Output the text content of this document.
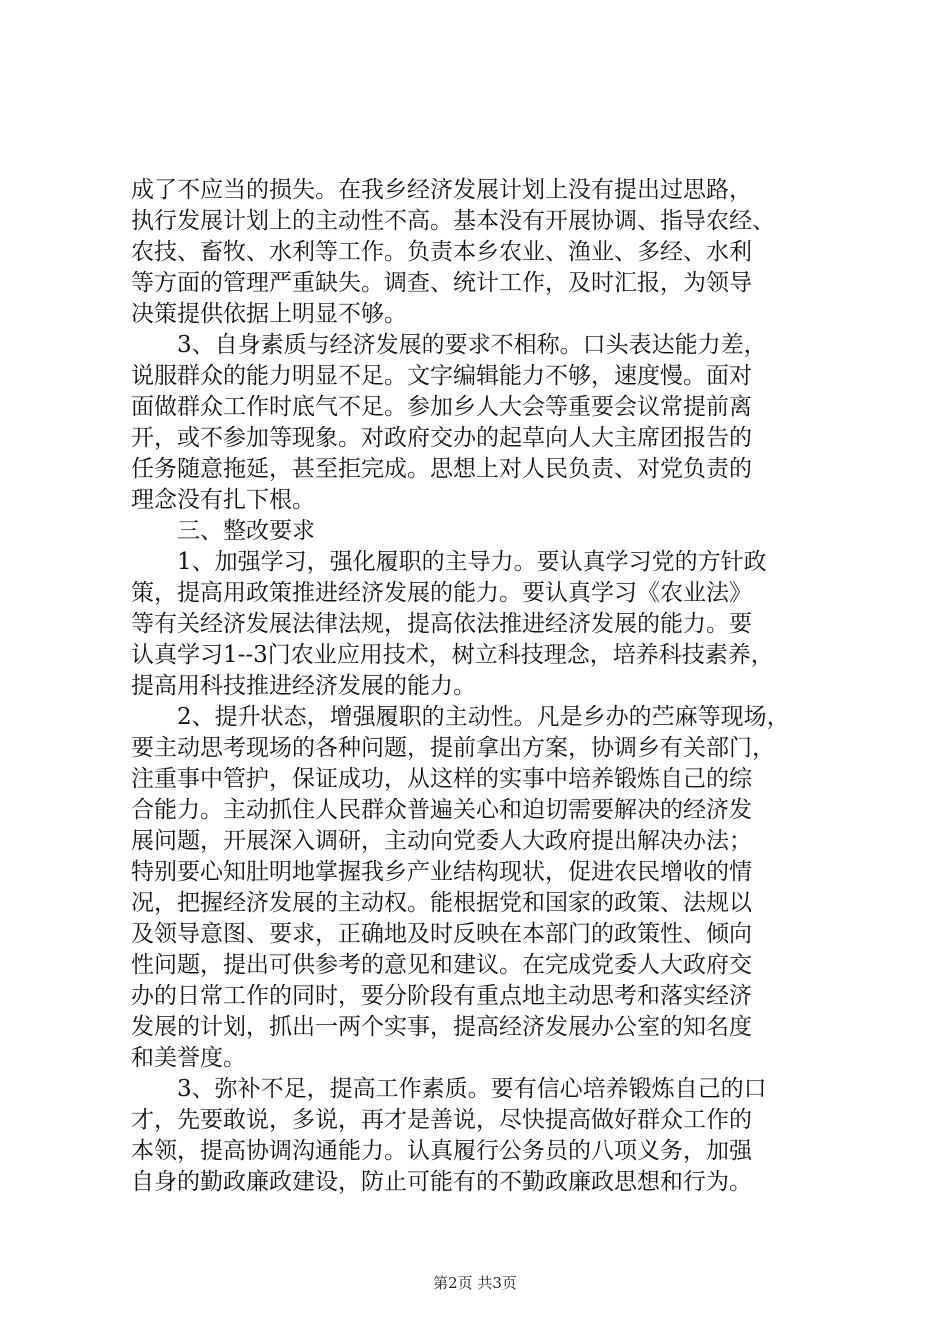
成了不应当的损失。在我乡经济发展计划上没有提出过思路，
执行发展计划上的主动性不高。基本没有开展协调、指导农经、
农技、畜牧、水利等工作。负责本乡农业、渔业、多经、水利
等方面的管理严重缺失。调查、统计工作，及时汇报，为领导
决策提供依据上明显不够。
　　3、自身素质与经济发展的要求不相称。口头表达能力差，
说服群众的能力明显不足。文字编辑能力不够，速度慢。面对
面做群众工作时底气不足。参加乡人大会等重要会议常提前离
开，或不参加等现象。对政府交办的起草向人大主席团报告的
任务随意拖延，甚至拒完成。思想上对人民负责、对党负责的
理念没有扎下根。
　　三、整改要求
　　1、加强学习，强化履职的主导力。要认真学习党的方针政
策，提高用政策推进经济发展的能力。要认真学习《农业法》
等有关经济发展法律法规，提高依法推进经济发展的能力。要
认真学习1--3门农业应用技术，树立科技理念，培养科技素养，
提高用科技推进经济发展的能力。
　　2、提升状态，增强履职的主动性。凡是乡办的苎麻等现场，
要主动思考现场的各种问题，提前拿出方案，协调乡有关部门，
注重事中管护，保证成功，从这样的实事中培养锻炼自己的综
合能力。主动抓住人民群众普遍关心和迫切需要解决的经济发
展问题，开展深入调研，主动向党委人大政府提出解决办法；
特别要心知肚明地掌握我乡产业结构现状，促进农民增收的情
况，把握经济发展的主动权。能根据党和国家的政策、法规以
及领导意图、要求，正确地及时反映在本部门的政策性、倾向
性问题，提出可供参考的意见和建议。在完成党委人大政府交
办的日常工作的同时，要分阶段有重点地主动思考和落实经济
发展的计划，抓出一两个实事，提高经济发展办公室的知名度
和美誉度。
　　3、弥补不足，提高工作素质。要有信心培养锻炼自己的口
才，先要敢说，多说，再才是善说，尽快提高做好群众工作的
本领，提高协调沟通能力。认真履行公务员的八项义务，加强
自身的勤政廉政建设，防止可能有的不勤政廉政思想和行为。
第2页 共3页
